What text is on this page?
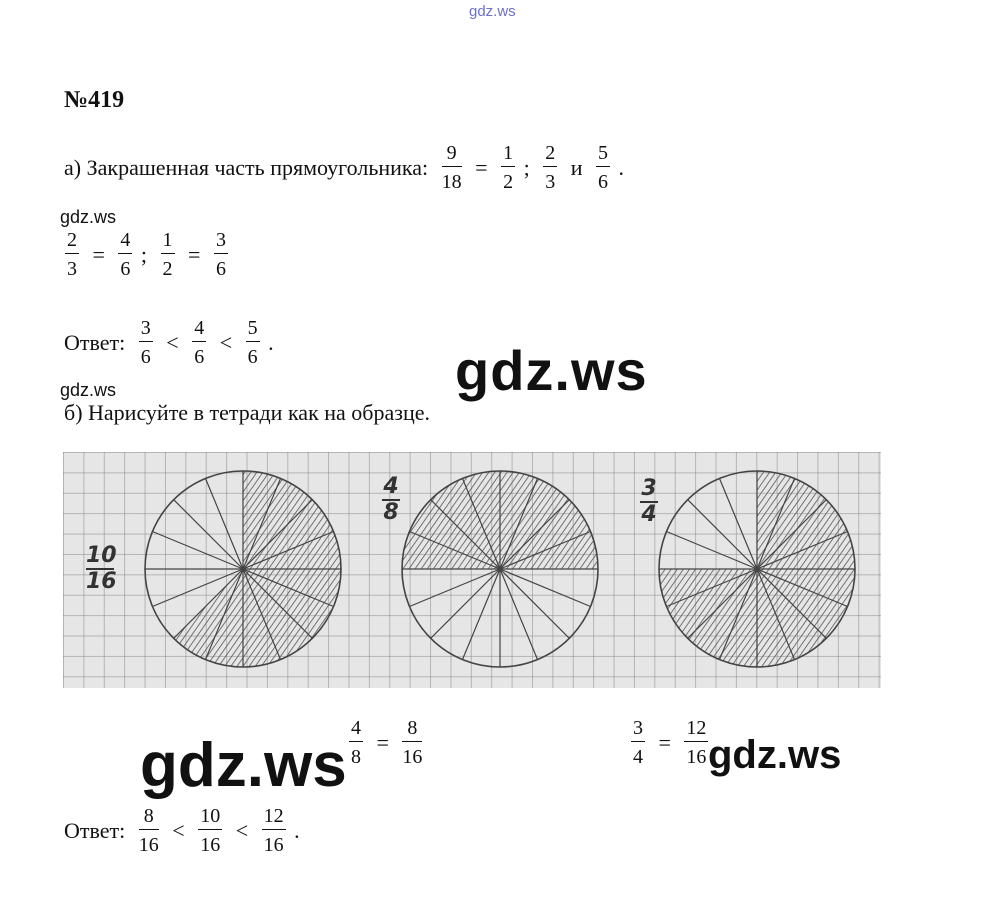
gdz.ws
№419
а) Закрашенная часть прямоугольника: $\frac{9}{18} = \frac{1}{2}$ ; $\frac{2}{3}$ и $\frac{5}{6}$ .
gdz.ws
$\frac{2}{3} = \frac{4}{6}$ ; $\frac{1}{2} = \frac{3}{6}$
Ответ: $\frac{3}{6} < \frac{4}{6} < \frac{5}{6}$ .	gdz.ws
gdz.ws
б) Нарисуйте в тетради как на образце.
10
16
4
8
3
4
$\frac{4}{8} = \frac{8}{16}$	$\frac{3}{4} = \frac{12}{16}$
gdz.ws	gdz.ws
Ответ: $\frac{8}{16} < \frac{10}{16} < \frac{12}{16}$ .
